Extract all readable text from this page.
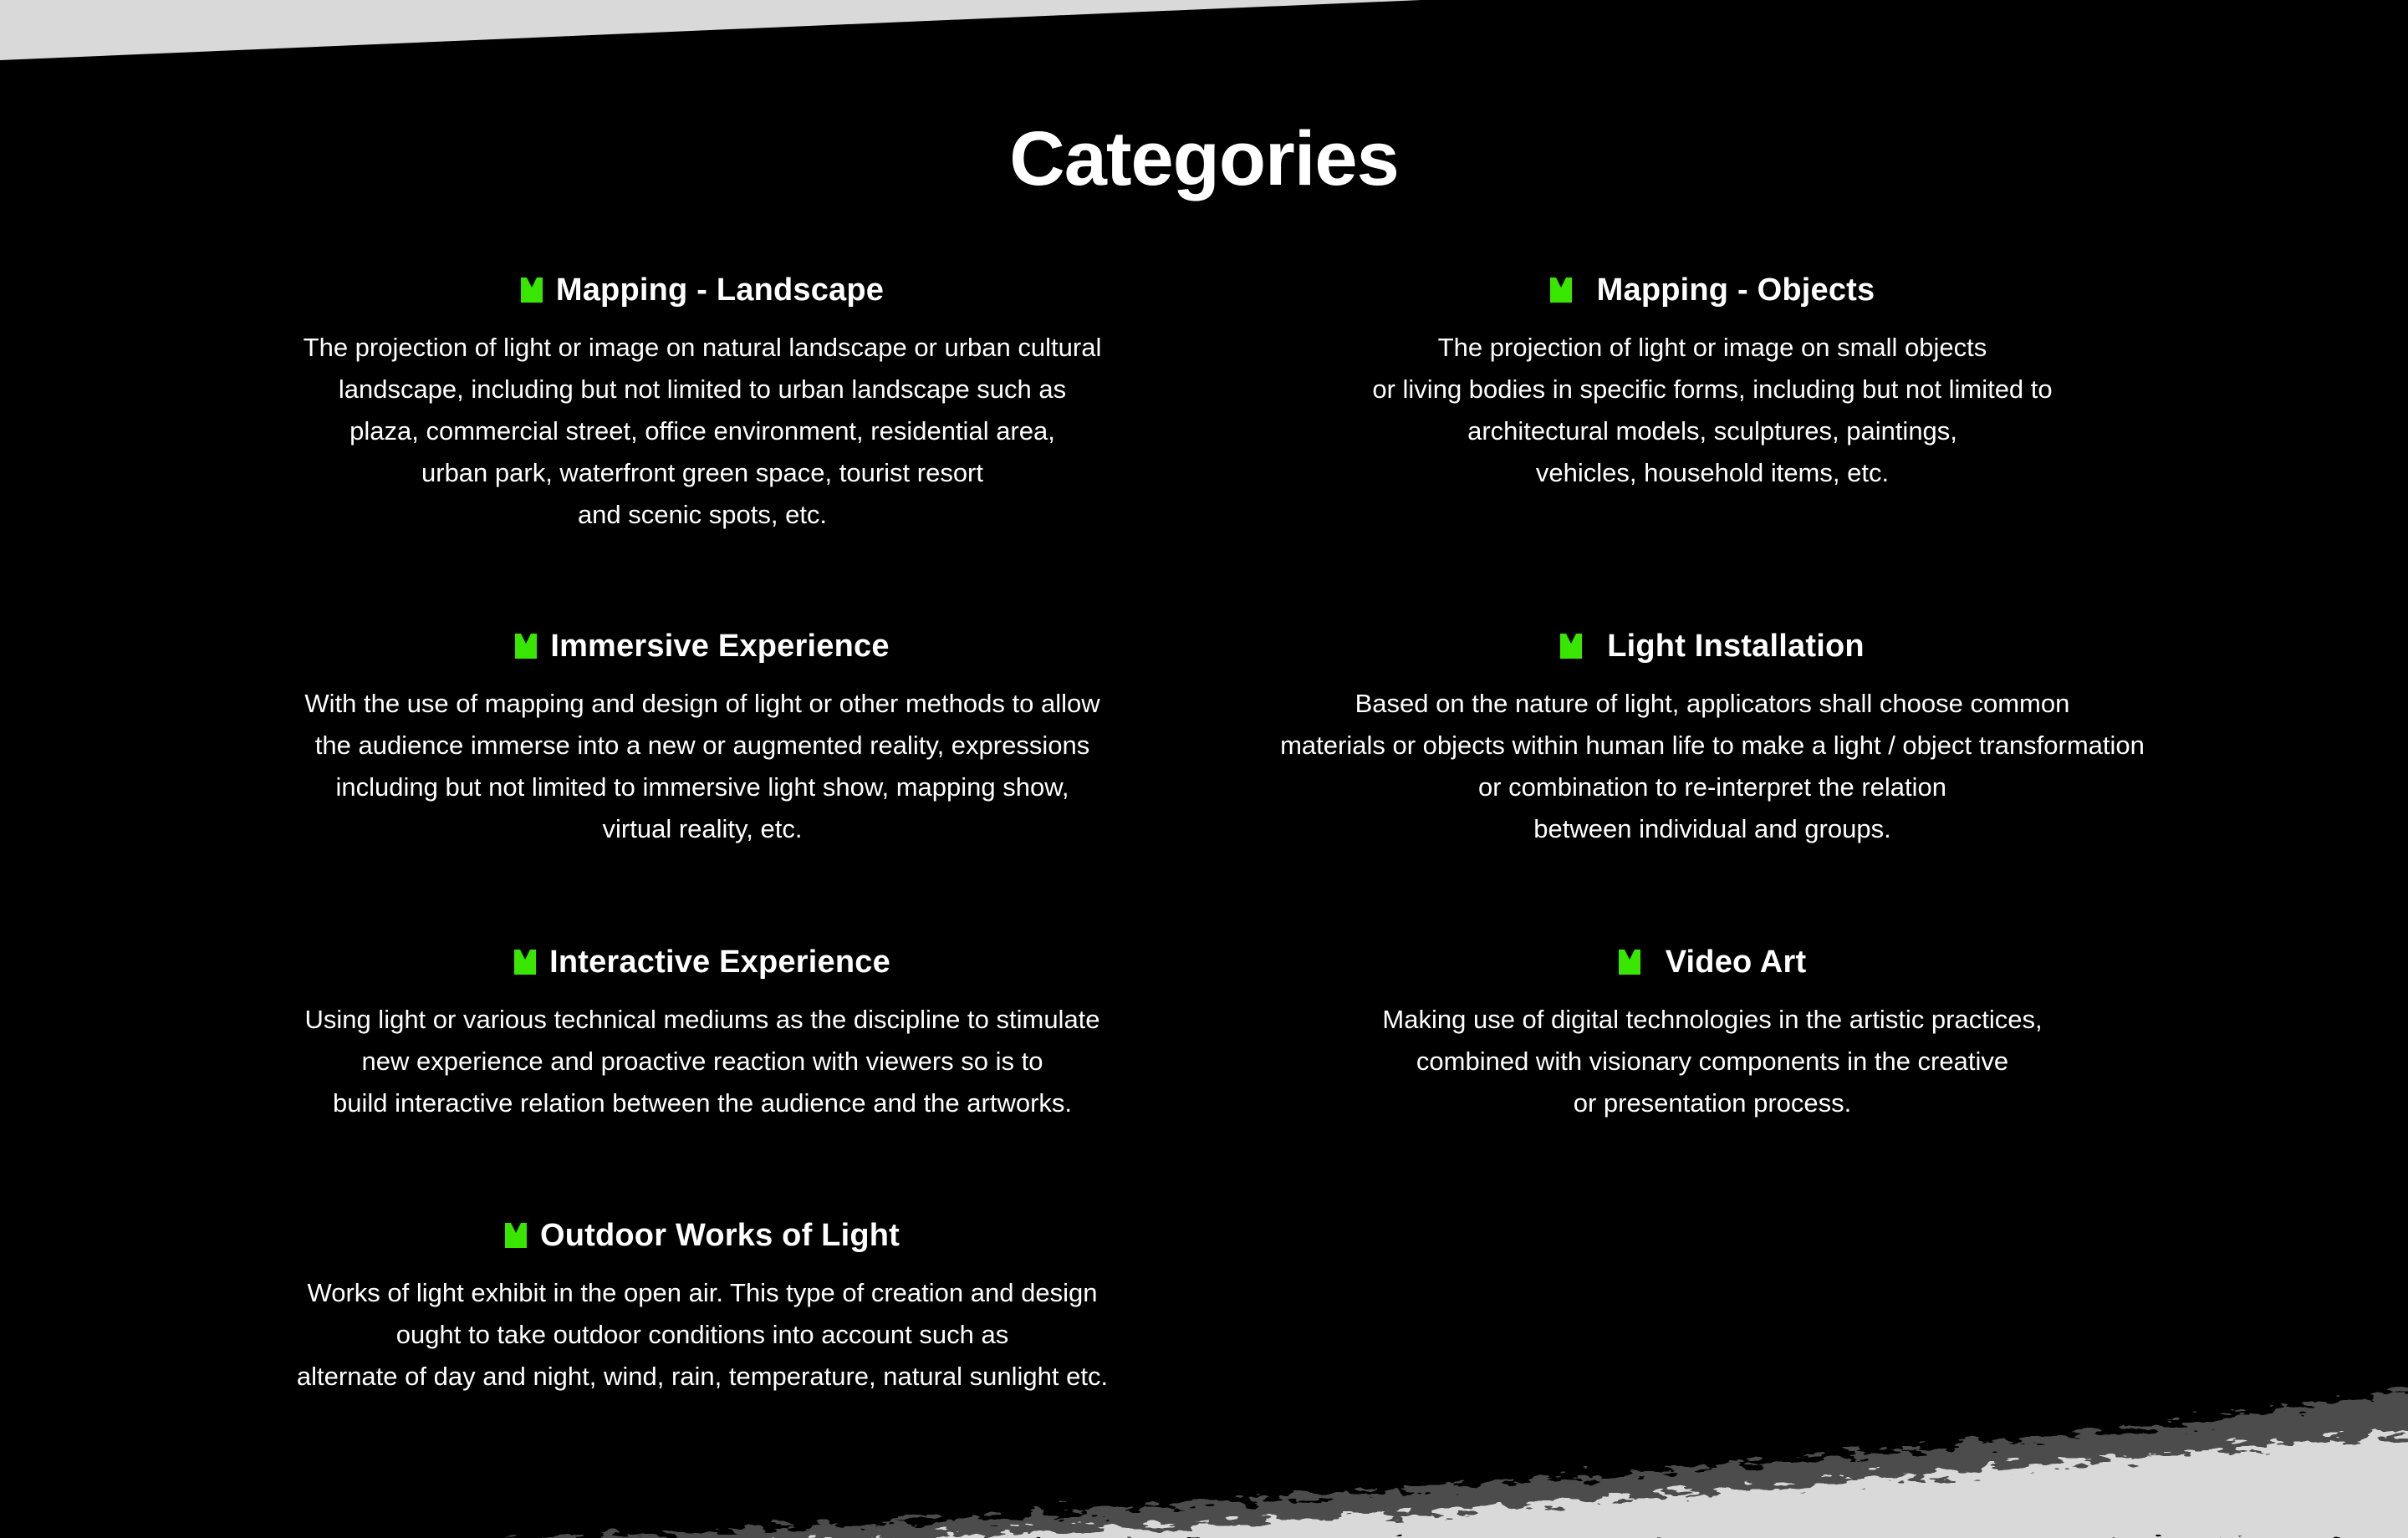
Categories
Mapping - Landscape

The projection of light or image on natural landscape or urban cultural
landscape, including but not limited to urban landscape such as
plaza, commercial street, office environment, residential area,
urban park, waterfront green space, tourist resort
and scenic spots, etc.

Immersive Experience

With the use of mapping and design of light or other methods to allow
the audience immerse into a new or augmented reality, expressions
including but not limited to immersive light show, mapping show,
virtual reality, etc.

Interactive Experience

Using light or various technical mediums as the discipline to stimulate
new experience and proactive reaction with viewers so is to
build interactive relation between the audience and the artworks.

Outdoor Works of Light

Works of light exhibit in the open air. This type of creation and design
ought to take outdoor conditions into account such as
alternate of day and night, wind, rain, temperature, natural sunlight etc.

Mapping - Objects

The projection of light or image on small objects
or living bodies in specific forms, including but not limited to
architectural models, sculptures, paintings,
vehicles, household items, etc.

Light Installation

Based on the nature of light, applicators shall choose common
materials or objects within human life to make a light / object transformation
or combination to re-interpret the relation
between individual and groups.

Video Art

Making use of digital technologies in the artistic practices,
combined with visionary components in the creative
or presentation process.
